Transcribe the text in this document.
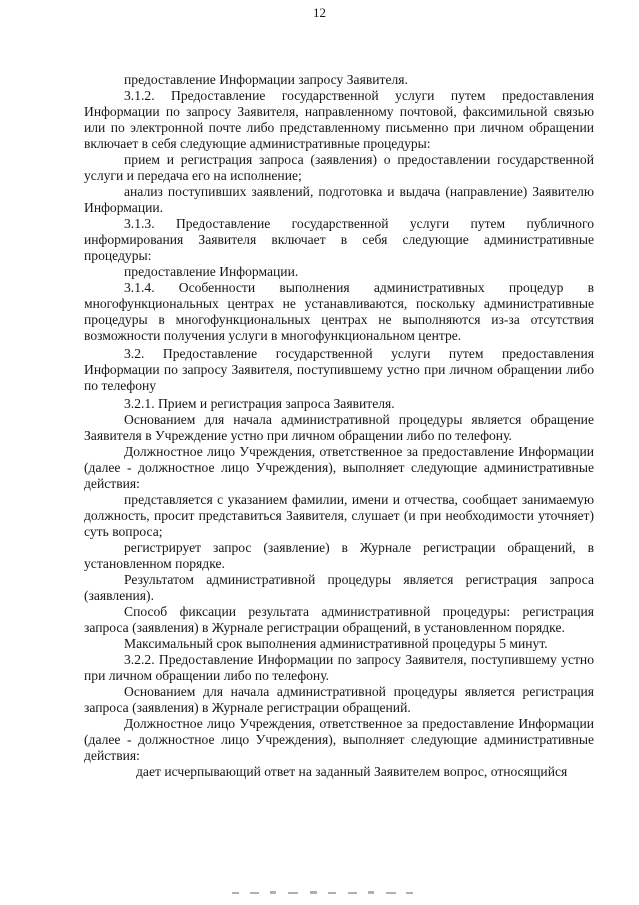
12

предоставление Информации запросу Заявителя.

3.1.2. Предоставление государственной услуги путем предоставления Информации по запросу Заявителя, направленному почтовой, факсимильной связью или по электронной почте либо представленному письменно при личном обращении включает в себя следующие административные процедуры:

прием и регистрация запроса (заявления) о предоставлении государственной услуги и передача его на исполнение;

анализ поступивших заявлений, подготовка и выдача (направление) Заявителю Информации.

3.1.3. Предоставление государственной услуги путем публичного информирования Заявителя включает в себя следующие административные процедуры:

предоставление Информации.

3.1.4. Особенности выполнения административных процедур в многофункциональных центрах не устанавливаются, поскольку административные процедуры в многофункциональных центрах не выполняются из-за отсутствия возможности получения услуги в многофункциональном центре.

3.2. Предоставление государственной услуги путем предоставления Информации по запросу Заявителя, поступившему устно при личном обращении либо по телефону

3.2.1. Прием и регистрация запроса Заявителя.

Основанием для начала административной процедуры является обращение Заявителя в Учреждение устно при личном обращении либо по телефону.

Должностное лицо Учреждения, ответственное за предоставление Информации (далее - должностное лицо Учреждения), выполняет следующие административные действия:

представляется с указанием фамилии, имени и отчества, сообщает занимаемую должность, просит представиться Заявителя, слушает (и при необходимости уточняет) суть вопроса;

регистрирует запрос (заявление) в Журнале регистрации обращений, в установленном порядке.

Результатом административной процедуры является регистрация запроса (заявления).

Способ фиксации результата административной процедуры: регистрация запроса (заявления) в Журнале регистрации обращений, в установленном порядке.

Максимальный срок выполнения административной процедуры 5 минут.

3.2.2. Предоставление Информации по запросу Заявителя, поступившему устно при личном обращении либо по телефону.

Основанием для начала административной процедуры является регистрация запроса (заявления) в Журнале регистрации обращений.

Должностное лицо Учреждения, ответственное за предоставление Информации (далее - должностное лицо Учреждения), выполняет следующие административные действия:

дает исчерпывающий ответ на заданный Заявителем вопрос, относящийся
